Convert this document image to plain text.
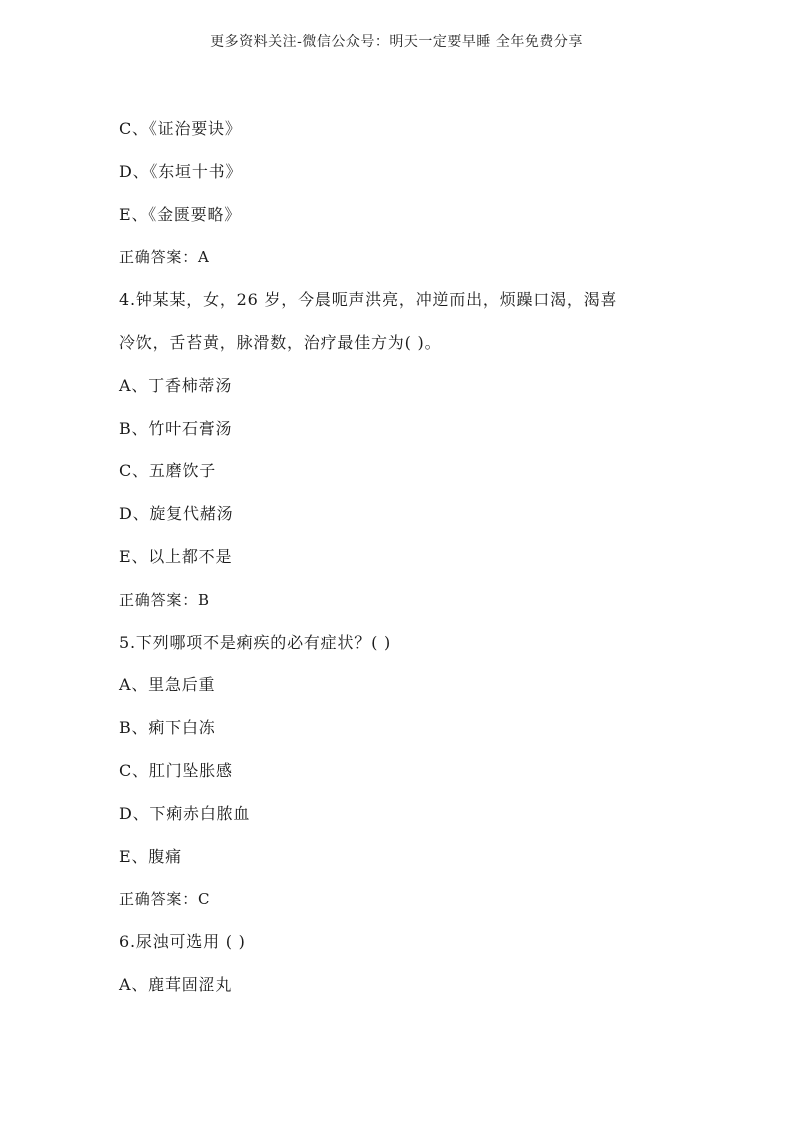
更多资料关注-微信公众号：明天一定要早睡 全年免费分享
C、《证治要诀》
D、《东垣十书》
E、《金匮要略》
正确答案：A
4.钟某某，女，26 岁，今晨呃声洪亮，冲逆而出，烦躁口渴，渴喜
冷饮，舌苔黄，脉滑数，治疗最佳方为( )。
A、丁香柿蒂汤
B、竹叶石膏汤
C、五磨饮子
D、旋复代赭汤
E、以上都不是
正确答案：B
5.下列哪项不是痢疾的必有症状？( )
A、里急后重
B、痢下白冻
C、肛门坠胀感
D、下痢赤白脓血
E、腹痛
正确答案：C
6.尿浊可选用 ( )
A、鹿茸固涩丸
